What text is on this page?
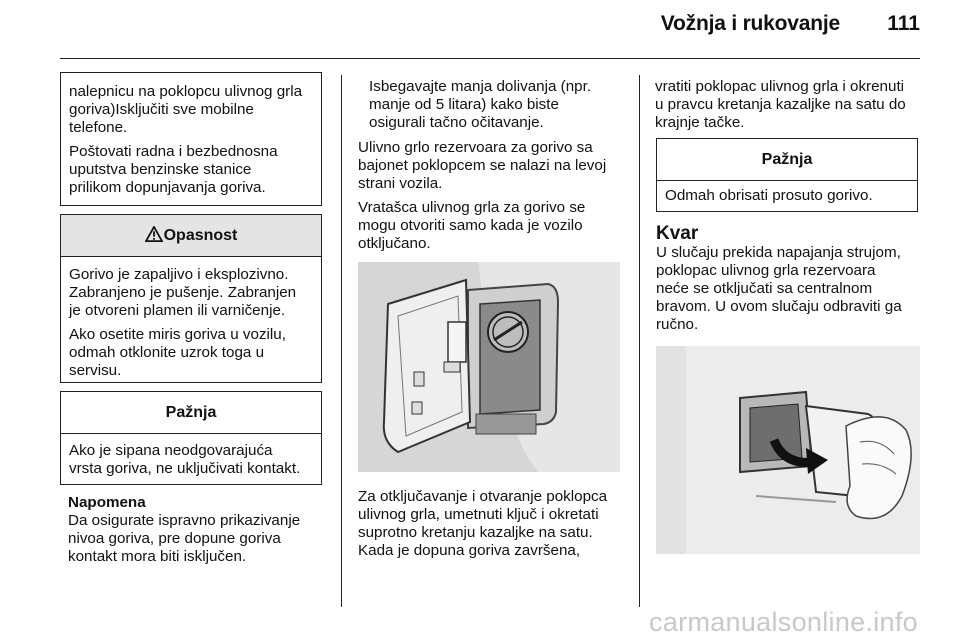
Vožnja i rukovanje 111

nalepnicu na poklopcu ulivnog grla
goriva)Isključiti sve mobilne
telefone.

Poštovati radna i bezbednosna
uputstva benzinske stanice
prilikom dopunjavanja goriva.

Opasnost

Gorivo je zapaljivo i eksplozivno.
Zabranjeno je pušenje. Zabranjen
je otvoreni plamen ili varničenje.

Ako osetite miris goriva u vozilu,
odmah otklonite uzrok toga u
servisu.

Pažnja

Ako je sipana neodgovarajuća
vrsta goriva, ne uključivati kontakt.

Napomena
Da osigurate ispravno prikazivanje
nivoa goriva, pre dopune goriva
kontakt mora biti isključen.
Isbegavajte manja dolivanja (npr.
manje od 5 litara) kako biste
osigurali tačno očitavanje.
Ulivno grlo rezervoara za gorivo sa
bajonet poklopcem se nalazi na levoj
strani vozila.
Vratašca ulivnog grla za gorivo se
mogu otvoriti samo kada je vozilo
otključano.
Za otključavanje i otvaranje poklopca
ulivnog grla, umetnuti ključ i okretati
suprotno kretanju kazaljke na satu.
Kada je dopuna goriva završena,
vratiti poklopac ulivnog grla i okrenuti
u pravcu kretanja kazaljke na satu do
krajnje tačke.
Pažnja

Odmah obrisati prosuto gorivo.

Kvar
U slučaju prekida napajanja strujom,
poklopac ulivnog grla rezervoara
neće se otključati sa centralnom
bravom. U ovom slučaju odbraviti ga
ručno.
carmanualsonline.info
